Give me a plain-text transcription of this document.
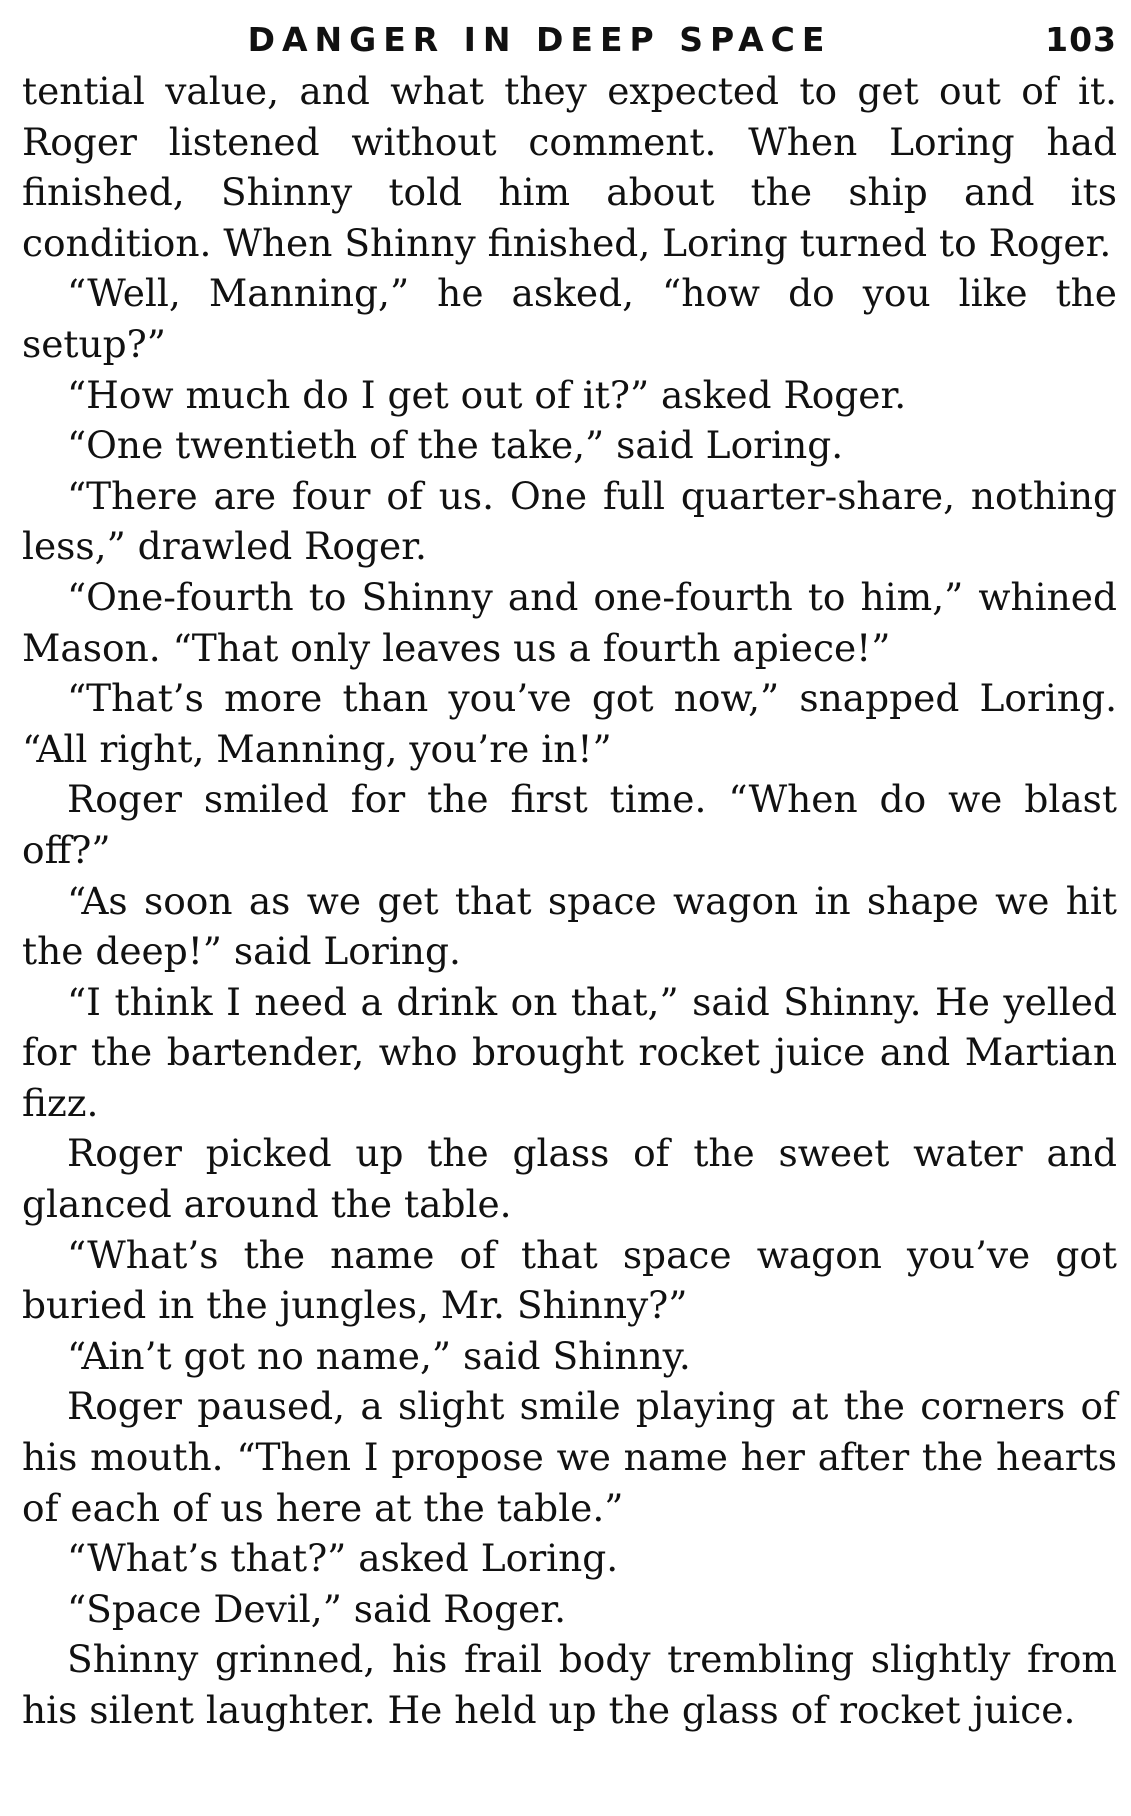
DANGER IN DEEP SPACE	103

tential value, and what they expected to get out of it. Roger listened without comment. When Loring had finished, Shinny told him about the ship and its condition. When Shinny finished, Loring turned to Roger.

“Well, Manning,” he asked, “how do you like the setup?”

“How much do I get out of it?” asked Roger.

“One twentieth of the take,” said Loring.

“There are four of us. One full quarter-share, nothing less,” drawled Roger.

“One-fourth to Shinny and one-fourth to him,” whined Mason. “That only leaves us a fourth apiece!”

“That’s more than you’ve got now,” snapped Loring. “All right, Manning, you’re in!”

Roger smiled for the first time. “When do we blast off?”

“As soon as we get that space wagon in shape we hit the deep!” said Loring.

“I think I need a drink on that,” said Shinny. He yelled for the bartender, who brought rocket juice and Martian fizz.

Roger picked up the glass of the sweet water and glanced around the table.

“What’s the name of that space wagon you’ve got buried in the jungles, Mr. Shinny?”

“Ain’t got no name,” said Shinny.

Roger paused, a slight smile playing at the corners of his mouth. “Then I propose we name her after the hearts of each of us here at the table.”

“What’s that?” asked Loring.

“Space Devil,” said Roger.

Shinny grinned, his frail body trembling slightly from his silent laughter. He held up the glass of rocket juice.
